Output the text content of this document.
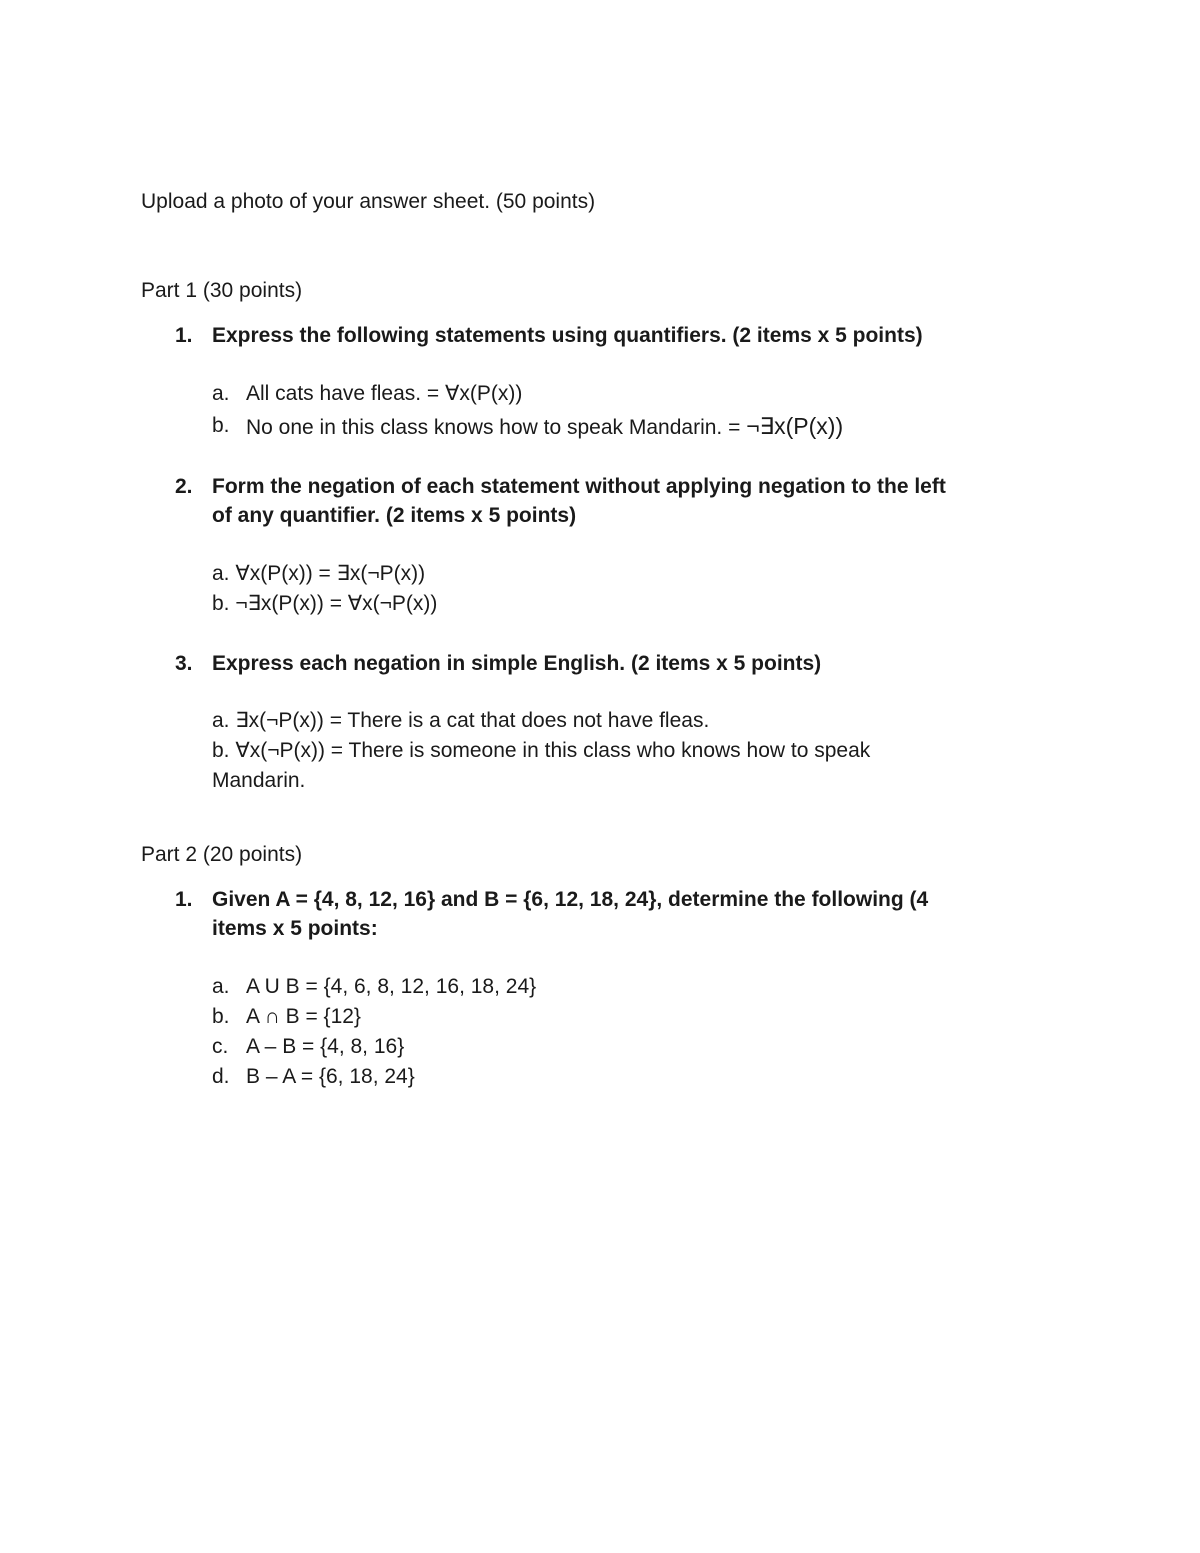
Upload a photo of your answer sheet. (50 points)
Part 1 (30 points)
1. Express the following statements using quantifiers. (2 items x 5 points)
a. All cats have fleas. = ∀x(P(x))
b. No one in this class knows how to speak Mandarin. = ¬∃x(P(x))
2. Form the negation of each statement without applying negation to the left
of any quantifier. (2 items x 5 points)
a. ∀x(P(x)) = ∃x(¬P(x))
b. ¬∃x(P(x)) = ∀x(¬P(x))
3. Express each negation in simple English. (2 items x 5 points)
a. ∃x(¬P(x)) = There is a cat that does not have fleas.
b. ∀x(¬P(x)) = There is someone in this class who knows how to speak
Mandarin.
Part 2 (20 points)
1. Given A = {4, 8, 12, 16} and B = {6, 12, 18, 24}, determine the following (4
items x 5 points:
a. A U B = {4, 6, 8, 12, 16, 18, 24}
b. A ∩ B = {12}
c. A – B = {4, 8, 16}
d. B – A = {6, 18, 24}
